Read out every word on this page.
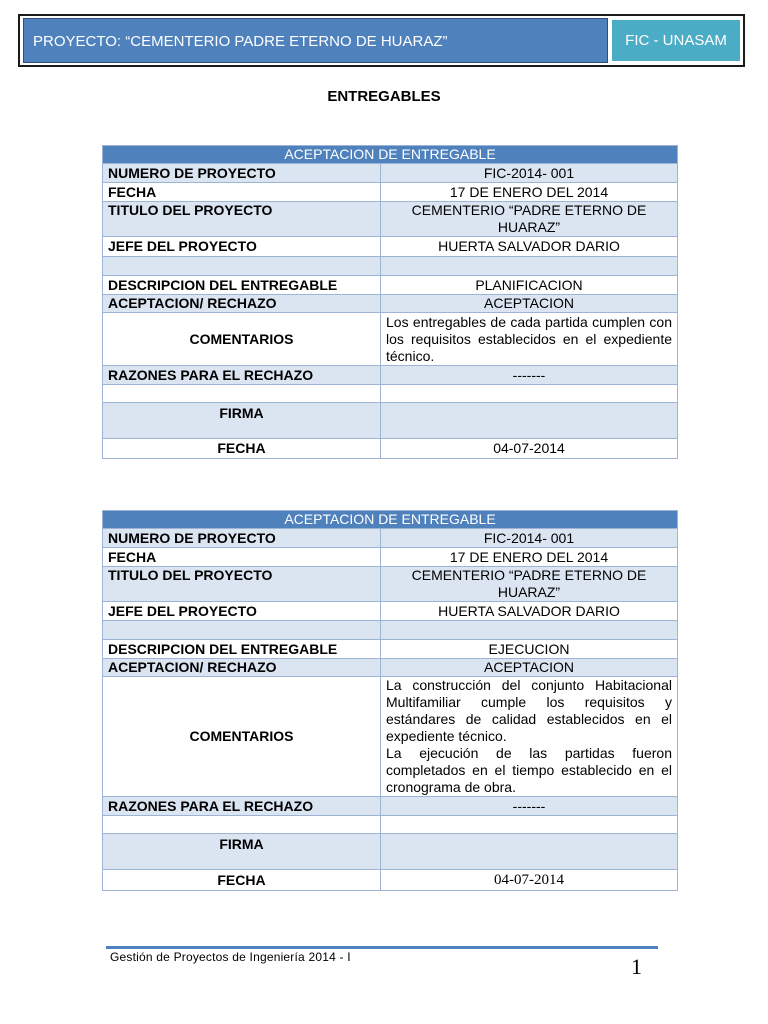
PROYECTO: “CEMENTERIO PADRE ETERNO DE HUARAZ”	FIC - UNASAM
ENTREGABLES
ACEPTACION DE ENTREGABLE	
NUMERO DE PROYECTO	FIC-2014- 001
FECHA	17 DE ENERO DEL 2014
TITULO DEL PROYECTO	CEMENTERIO “PADRE ETERNO DE HUARAZ”
JEFE DEL PROYECTO	HUERTA SALVADOR DARIO

DESCRIPCION DEL ENTREGABLE	PLANIFICACION
ACEPTACION/ RECHAZO	ACEPTACION
COMENTARIOS	Los entregables de cada partida cumplen con los requisitos establecidos en el expediente técnico.
RAZONES PARA EL RECHAZO	-------

FIRMA	
FECHA	04-07-2014
ACEPTACION DE ENTREGABLE	
NUMERO DE PROYECTO	FIC-2014- 001
FECHA	17 DE ENERO DEL 2014
TITULO DEL PROYECTO	CEMENTERIO “PADRE ETERNO DE HUARAZ”
JEFE DEL PROYECTO	HUERTA SALVADOR DARIO

DESCRIPCION DEL ENTREGABLE	EJECUCION
ACEPTACION/ RECHAZO	ACEPTACION
COMENTARIOS	La construcción del conjunto Habitacional Multifamiliar cumple los requisitos y estándares de calidad establecidos en el expediente técnico.
La ejecución de las partidas fueron completados en el tiempo establecido en el cronograma de obra.

RAZONES PARA EL RECHAZO	-------

FIRMA	
FECHA	04-07-2014
Gestión de Proyectos de Ingeniería 2014 - I	1
